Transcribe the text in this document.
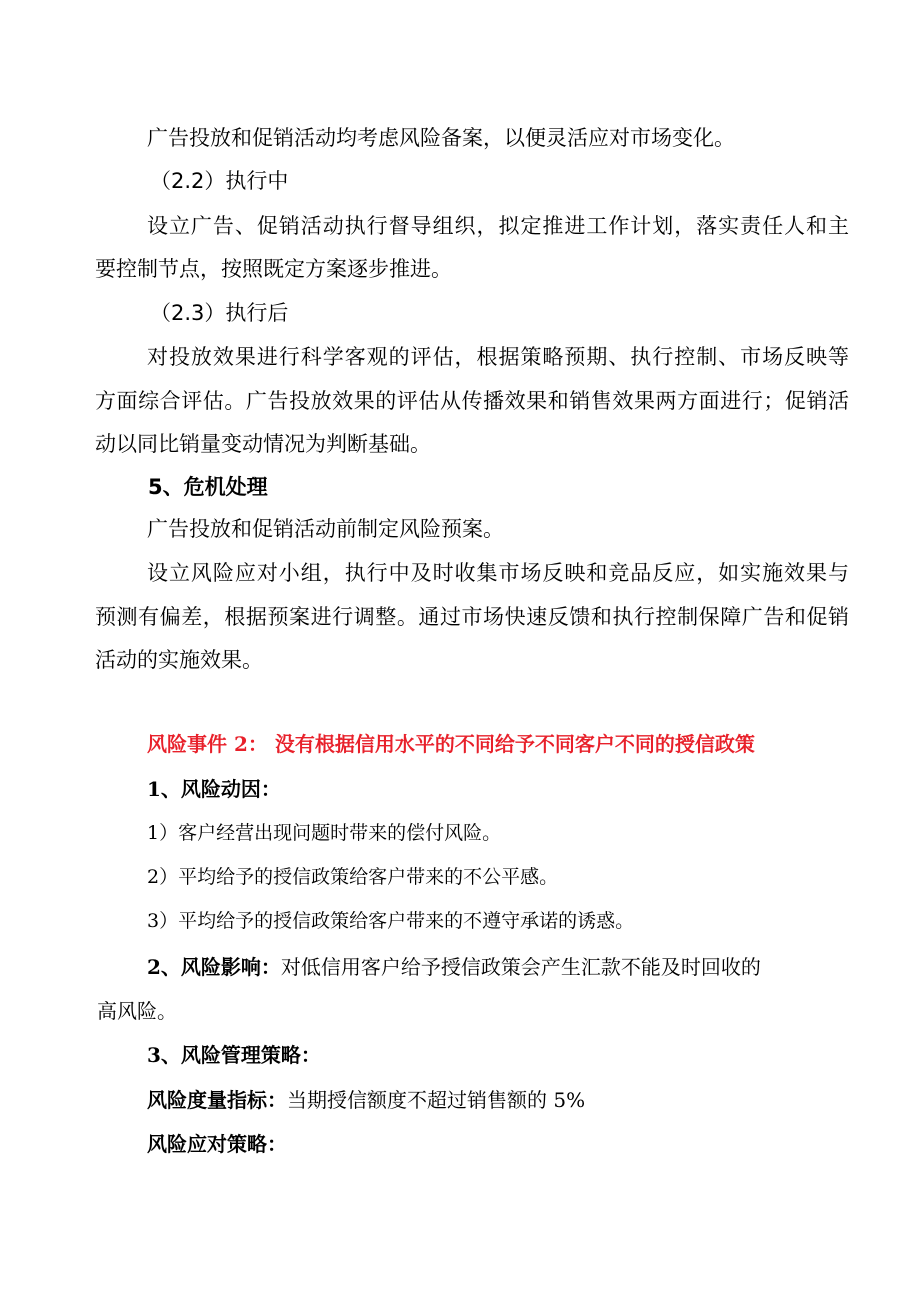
广告投放和促销活动均考虑风险备案，以便灵活应对市场变化。
（2.2）执行中
设立广告、促销活动执行督导组织，拟定推进工作计划，落实责任人和主
要控制节点，按照既定方案逐步推进。
（2.3）执行后
对投放效果进行科学客观的评估，根据策略预期、执行控制、市场反映等
方面综合评估。广告投放效果的评估从传播效果和销售效果两方面进行；促销活
动以同比销量变动情况为判断基础。
5、危机处理
广告投放和促销活动前制定风险预案。
设立风险应对小组，执行中及时收集市场反映和竞品反应，如实施效果与
预测有偏差，根据预案进行调整。通过市场快速反馈和执行控制保障广告和促销
活动的实施效果。
风险事件 2： 没有根据信用水平的不同给予不同客户不同的授信政策
1、风险动因：
1）客户经营出现问题时带来的偿付风险。
2）平均给予的授信政策给客户带来的不公平感。
3）平均给予的授信政策给客户带来的不遵守承诺的诱惑。
2、风险影响：对低信用客户给予授信政策会产生汇款不能及时回收的
高风险。
3、风险管理策略：
风险度量指标：当期授信额度不超过销售额的 5%
风险应对策略：
